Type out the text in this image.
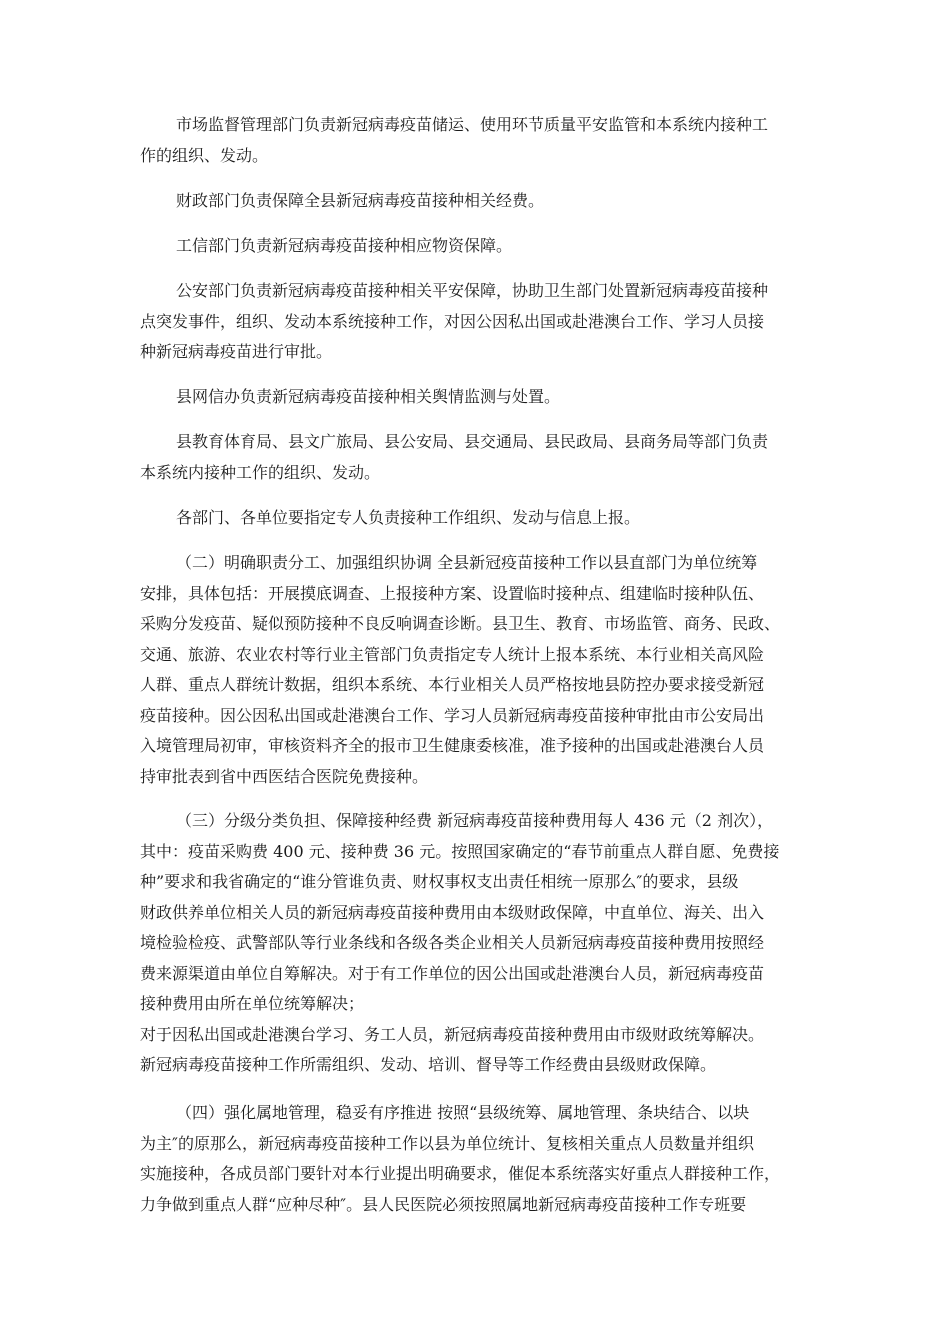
市场监督管理部门负责新冠病毒疫苗储运、使用环节质量平安监管和本系统内接种工
作的组织、发动。

财政部门负责保障全县新冠病毒疫苗接种相关经费。

工信部门负责新冠病毒疫苗接种相应物资保障。

公安部门负责新冠病毒疫苗接种相关平安保障，协助卫生部门处置新冠病毒疫苗接种
点突发事件，组织、发动本系统接种工作，对因公因私出国或赴港澳台工作、学习人员接
种新冠病毒疫苗进行审批。

县网信办负责新冠病毒疫苗接种相关舆情监测与处置。

县教育体育局、县文广旅局、县公安局、县交通局、县民政局、县商务局等部门负责
本系统内接种工作的组织、发动。

各部门、各单位要指定专人负责接种工作组织、发动与信息上报。

（二）明确职责分工、加强组织协调 全县新冠疫苗接种工作以县直部门为单位统筹
安排，具体包括：开展摸底调查、上报接种方案、设置临时接种点、组建临时接种队伍、
采购分发疫苗、疑似预防接种不良反响调查诊断。县卫生、教育、市场监管、商务、民政、
交通、旅游、农业农村等行业主管部门负责指定专人统计上报本系统、本行业相关高风险
人群、重点人群统计数据，组织本系统、本行业相关人员严格按地县防控办要求接受新冠
疫苗接种。因公因私出国或赴港澳台工作、学习人员新冠病毒疫苗接种审批由市公安局出
入境管理局初审，审核资料齐全的报市卫生健康委核准，准予接种的出国或赴港澳台人员
持审批表到省中西医结合医院免费接种。

（三）分级分类负担、保障接种经费 新冠病毒疫苗接种费用每人 436 元（2 剂次），
其中：疫苗采购费 400 元、接种费 36 元。按照国家确定的“春节前重点人群自愿、免费接
种”要求和我省确定的“谁分管谁负责、财权事权支出责任相统一原那么″的要求，县级
财政供养单位相关人员的新冠病毒疫苗接种费用由本级财政保障，中直单位、海关、出入
境检验检疫、武警部队等行业条线和各级各类企业相关人员新冠病毒疫苗接种费用按照经
费来源渠道由单位自筹解决。对于有工作单位的因公出国或赴港澳台人员，新冠病毒疫苗
接种费用由所在单位统筹解决；
对于因私出国或赴港澳台学习、务工人员，新冠病毒疫苗接种费用由市级财政统筹解决。
新冠病毒疫苗接种工作所需组织、发动、培训、督导等工作经费由县级财政保障。

（四）强化属地管理，稳妥有序推进 按照“县级统筹、属地管理、条块结合、以块
为主″的原那么，新冠病毒疫苗接种工作以县为单位统计、复核相关重点人员数量并组织
实施接种，各成员部门要针对本行业提出明确要求，催促本系统落实好重点人群接种工作，
力争做到重点人群“应种尽种″。县人民医院必须按照属地新冠病毒疫苗接种工作专班要
